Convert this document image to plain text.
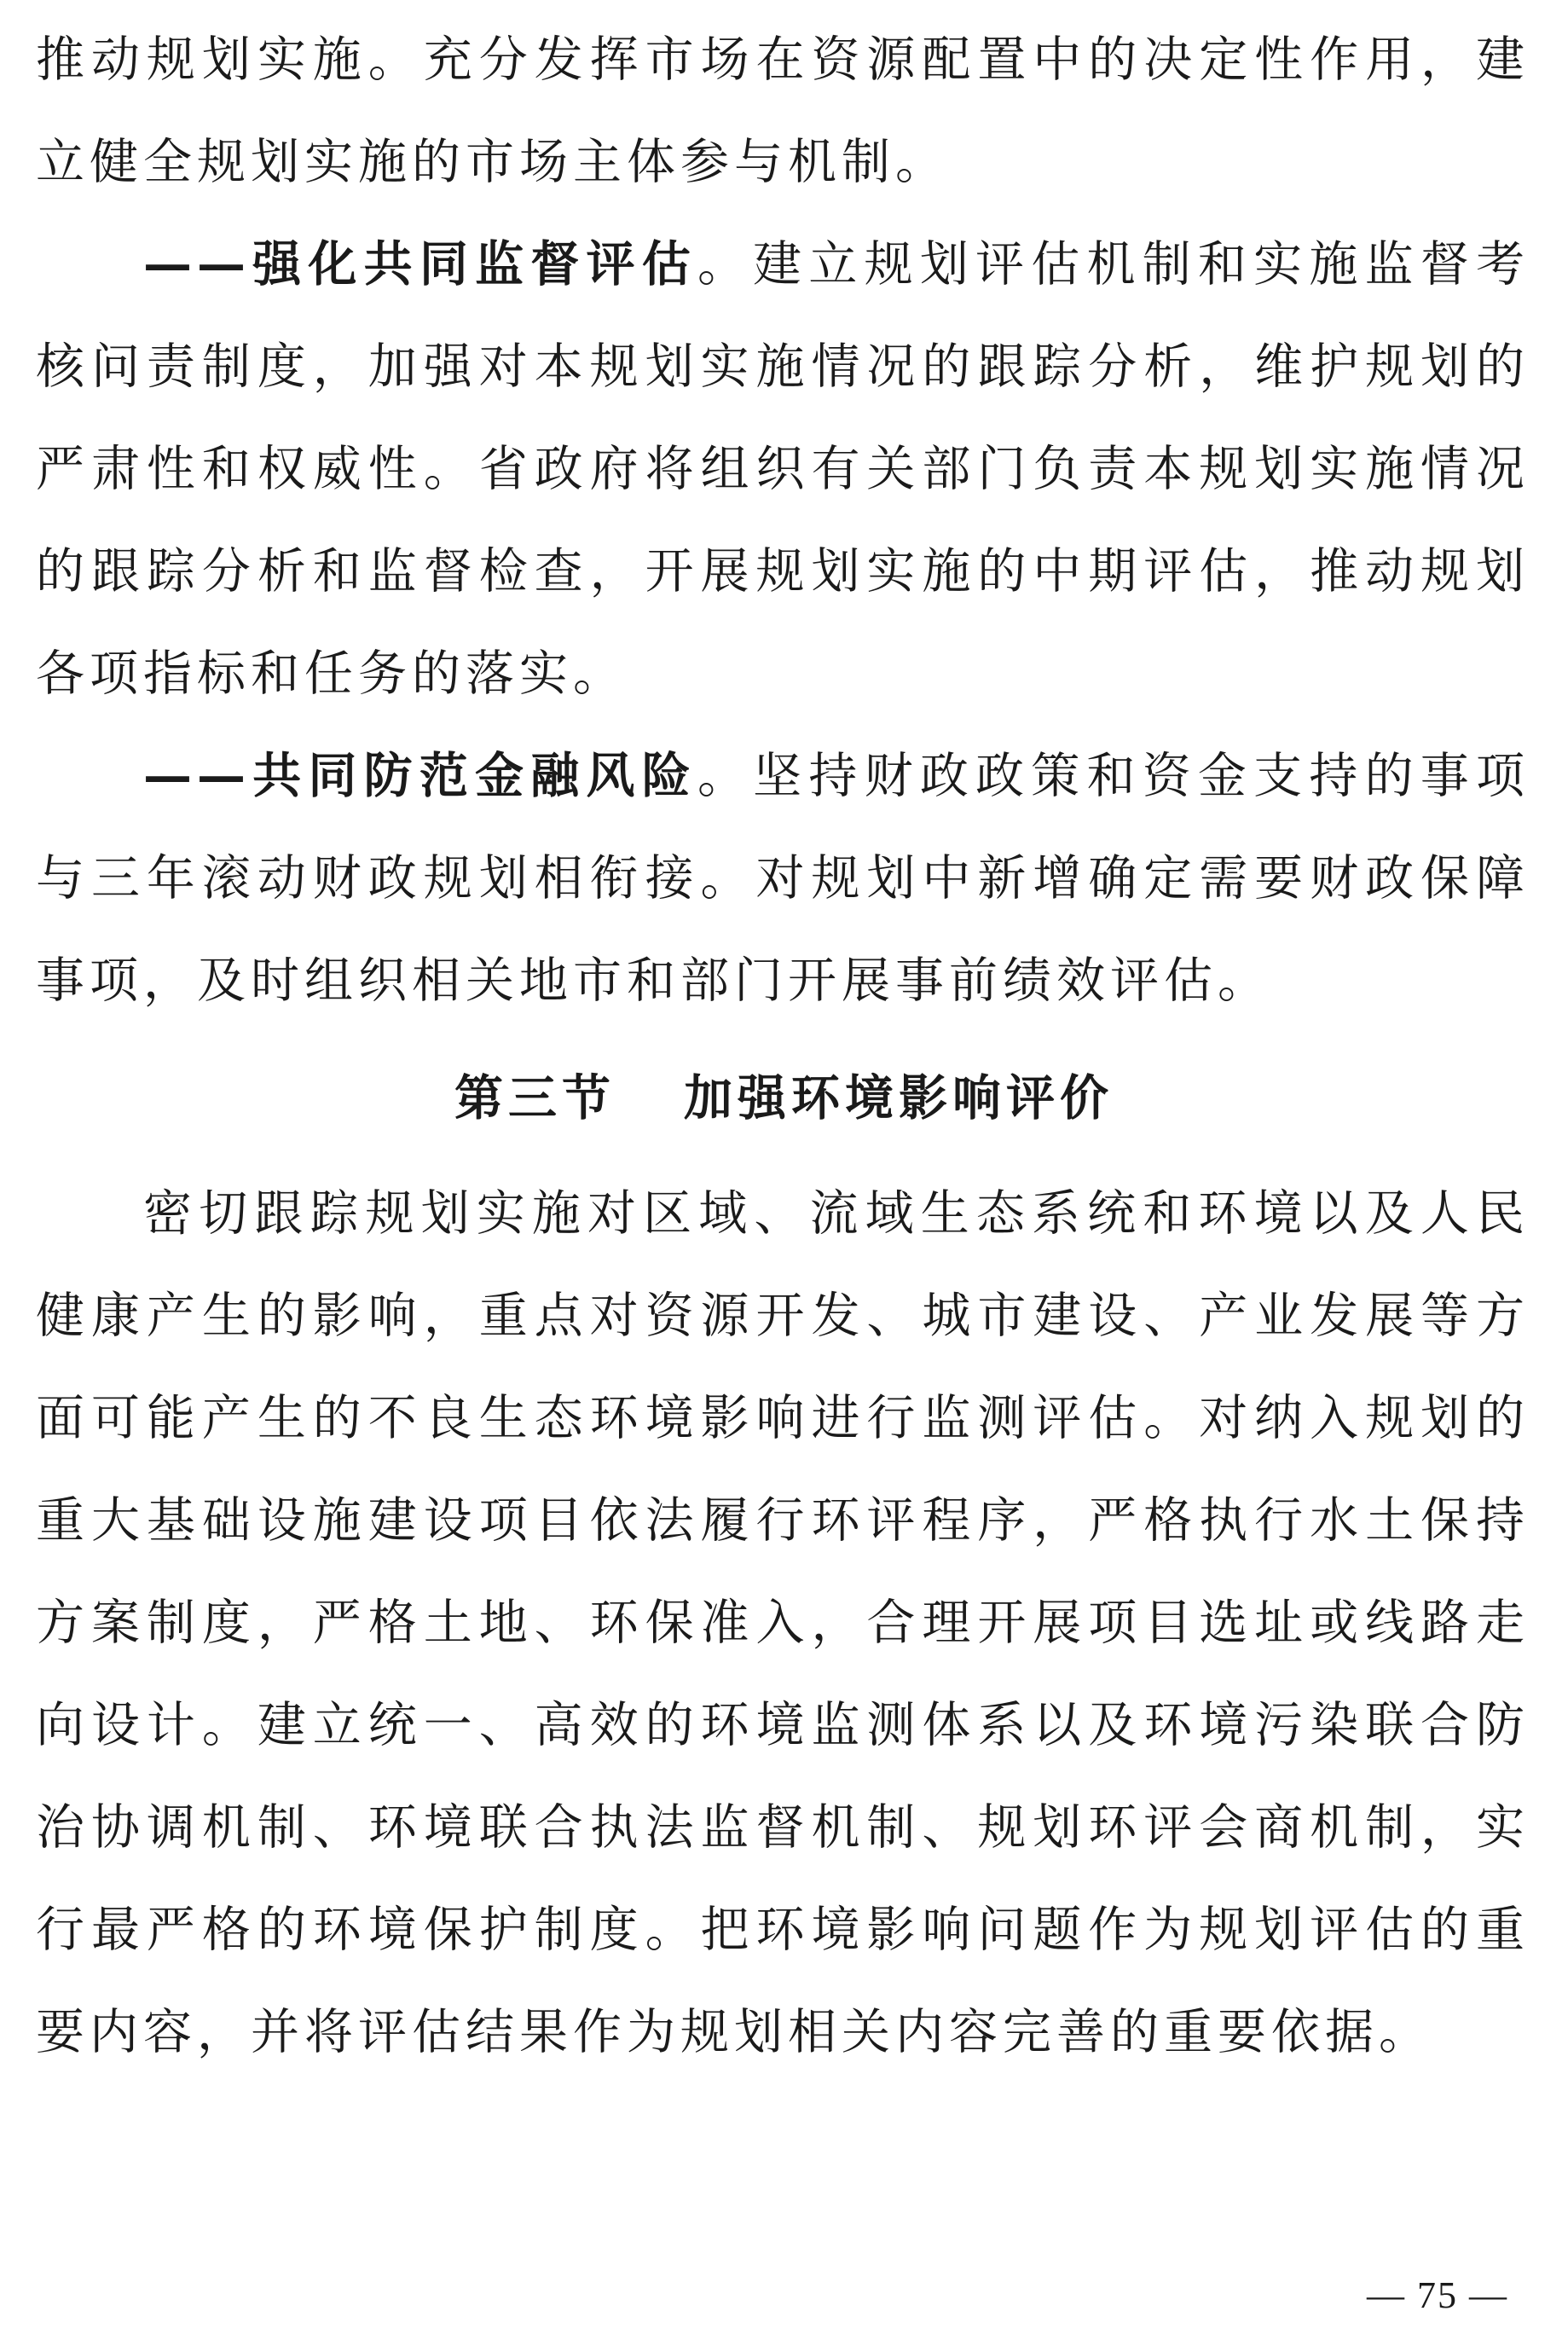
推动规划实施。充分发挥市场在资源配置中的决定性作用，建立健全规划实施的市场主体参与机制。

——强化共同监督评估。建立规划评估机制和实施监督考核问责制度，加强对本规划实施情况的跟踪分析，维护规划的严肃性和权威性。省政府将组织有关部门负责本规划实施情况的跟踪分析和监督检查，开展规划实施的中期评估，推动规划各项指标和任务的落实。

——共同防范金融风险。坚持财政政策和资金支持的事项与三年滚动财政规划相衔接。对规划中新增确定需要财政保障事项，及时组织相关地市和部门开展事前绩效评估。

第三节 加强环境影响评价

密切跟踪规划实施对区域、流域生态系统和环境以及人民健康产生的影响，重点对资源开发、城市建设、产业发展等方面可能产生的不良生态环境影响进行监测评估。对纳入规划的重大基础设施建设项目依法履行环评程序，严格执行水土保持方案制度，严格土地、环保准入，合理开展项目选址或线路走向设计。建立统一、高效的环境监测体系以及环境污染联合防治协调机制、环境联合执法监督机制、规划环评会商机制，实行最严格的环境保护制度。把环境影响问题作为规划评估的重要内容，并将评估结果作为规划相关内容完善的重要依据。

— 75 —
